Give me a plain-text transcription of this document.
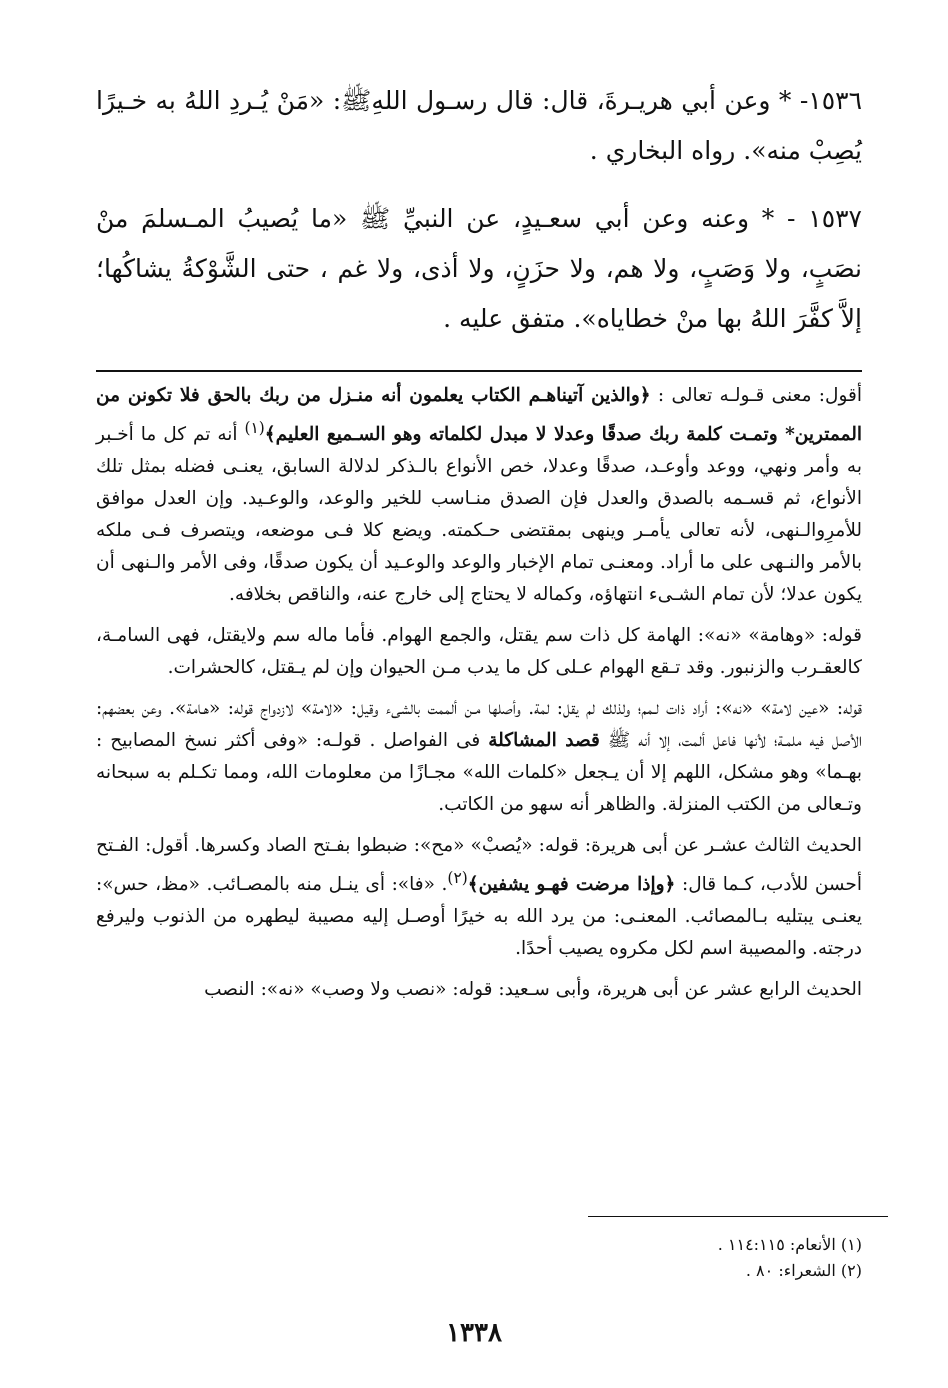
١٥٣٦- * وعن أبي هريـرةَ، قال: قال رسـول اللهِﷺ: «مَنْ يُـردِ اللهُ به خـيرًا يُصِبْ منه». رواه البخاري .
١٥٣٧ - * وعنه وعن أبي سعـيدٍ، عن النبيِّ ﷺ «ما يُصيبُ المـسلمَ منْ نصَبٍ، ولا وَصَبٍ، ولا هم، ولا حزَنٍ، ولا أذى، ولا غم ، حتى الشَّوْكةُ يشاكُها؛ إلاَّ كفَّرَ اللهُ بها منْ خطاياه». متفق عليه .

أقول: معنى قـولـه تعالى : ﴿والذين آتيناهـم الكتاب يعلمون أنه منـزل من ربك بالحق فلا تكونن من الممترين* وتمـت كلمة ربك صدقًا وعدلا لا مبدل لكلماته وهو السـميع العليم﴾$^{(١)}$ أنه تم كل ما أخـبر به وأمر ونهي، ووعد وأوعـد، صدقًا وعدلا، خص الأنواع بالـذكر لدلالة السابق، يعنـى فضله بمثل تلك الأنواع، ثم قسـمه بالصدق والعدل فإن الصدق منـاسب للخير والوعد، والوعـيد. وإن العدل موافق للأمرِوالـنهى، لأنه تعالى يأمـر وينهى بمقتضى حـكمته. ويضع كلا فـى موضعه، ويتصرف فـى ملكه بالأمر والنـهى على ما أراد. ومعنـى تمام الإخبار والوعد والوعـيد أن يكون صدقًا، وفى الأمر والـنهى أن يكون عدلا؛ لأن تمام الشـىء انتهاؤه، وكماله لا يحتاج إلى خارج عنه، والناقص بخلافه.

قوله: «وهامة» «نه»: الهامة كل ذات سم يقتل، والجمع الهوام. فأما ماله سم ولايقتل، فهى السامـة، كالعقـرب والزنبور. وقد تـقع الهوام عـلى كل ما يدب مـن الحيوان وإن لم يـقتل، كالحشرات.

قوله: «عين لامة» «نه»: أراد ذات لـمم؛ ولذلك لم يقل: لمة. وأصلها مـن ألممت بالشىء وقيل: «لامة» لازدواج قوله: «هـامة». وعن بعضهم: الأصل فيه ملمـة؛ لأنها فاعل ألمت، إلا أنه ﷺ قصد المشاكلة فى الفواصل . قولـه: «وفى أكثر نسخ المصابيح : بهـما» وهو مشكل، اللهم إلا أن يـجعل «كلمات الله» مجـازًا من معلومات الله، ومما تكـلم به سبحانه وتـعالى من الكتب المنزلة. والظاهر أنه سهو من الكاتب.

الحديث الثالث عشـر عن أبى هريرة: قوله: «يُصبْ» «مح»: ضبطوا بفـتح الصاد وكسرها. أقول: الفـتح أحسن للأدب، كـما قال: ﴿وإذا مرضت فهـو يشفين﴾$^{(٢)}$. «فا»: أى ينـل منه بالمصـائب. «مظ، حس»: يعنـى يبتليه بـالمصائب. المعنـى: من يرد الله به خيرًا أوصـل إليه مصيبة ليطهره من الذنوب وليرفع درجته. والمصيبة اسم لكل مكروه يصيب أحدًا.

الحديث الرابع عشر عن أبى هريرة، وأبى سـعيد: قوله: «نصب ولا وصب» «نه»: النصب

(١) الأنعام: ١١٤:١١٥ .
(٢) الشعراء: ٨٠ .
١٣٣٨
